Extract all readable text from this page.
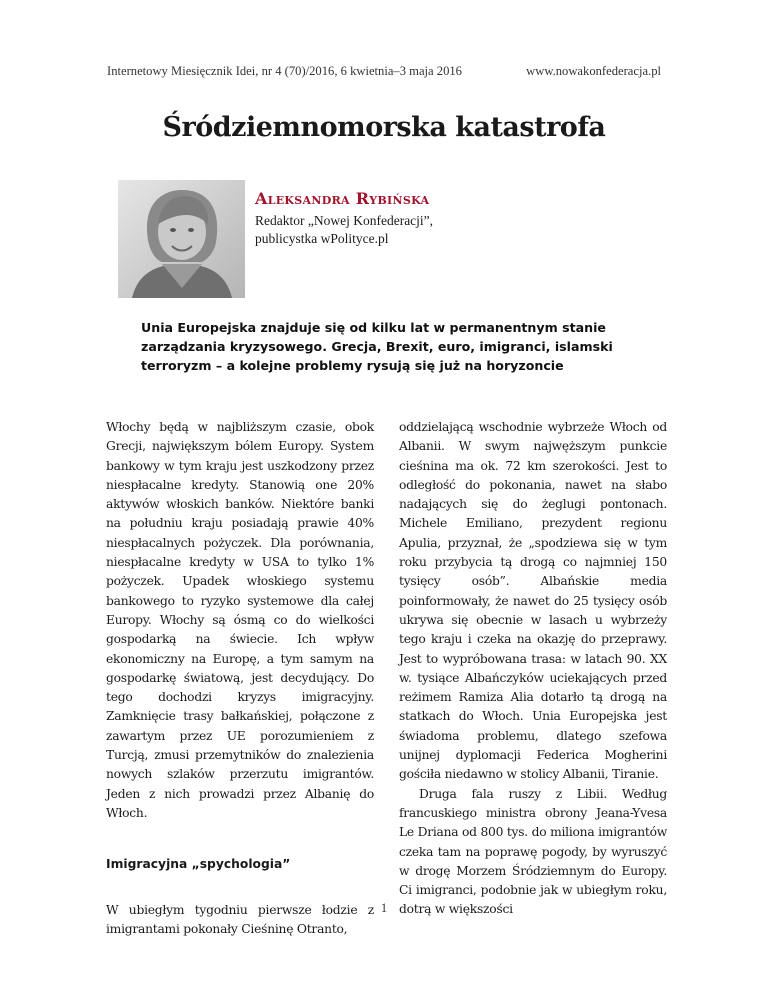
Internetowy Miesięcznik Idei, nr 4 (70)/2016, 6 kwietnia–3 maja 2016	www.nowakonfederacja.pl
Śródziemnomorska katastrofa
Aleksandra Rybińska
Redaktor „Nowej Konfederacji”,
publicystka wPolityce.pl
Unia Europejska znajduje się od kilku lat w permanentnym stanie zarządzania kryzysowego. Grecja, Brexit, euro, imigranci, islamski terroryzm – a kolejne problemy rysują się już na horyzoncie

Włochy będą w najbliższym czasie, obok Grecji, największym bólem Europy. System bankowy w tym kraju jest uszkodzony przez niespłacalne kredyty. Stanowią one 20% aktywów włoskich banków. Niektóre banki na południu kraju posiadają prawie 40% niespłacalnych pożyczek. Dla porównania, niespłacalne kredyty w USA to tylko 1% pożyczek. Upadek włoskiego systemu bankowego to ryzyko systemowe dla całej Europy. Włochy są ósmą co do wielkości gospodarką na świecie. Ich wpływ ekonomiczny na Europę, a tym samym na gospodarkę światową, jest decydujący. Do tego dochodzi kryzys imigracyjny. Zamknięcie trasy bałkańskiej, połączone z zawartym przez UE porozumieniem z Turcją, zmusi przemytników do znalezienia nowych szlaków przerzutu imigrantów. Jeden z nich prowadzi przez Albanię do Włoch.

Imigracyjna „spychologia”

W ubiegłym tygodniu pierwsze łodzie z imigrantami pokonały Cieśninę Otranto,

oddzielającą wschodnie wybrzeże Włoch od Albanii. W swym najwęższym punkcie cieśnina ma ok. 72 km szerokości. Jest to odległość do pokonania, nawet na słabo nadających się do żeglugi pontonach. Michele Emiliano, prezydent regionu Apulia, przyznał, że „spodziewa się w tym roku przybycia tą drogą co najmniej 150 tysięcy osób”. Albańskie media poinformowały, że nawet do 25 tysięcy osób ukrywa się obecnie w lasach u wybrzeży tego kraju i czeka na okazję do przeprawy. Jest to wypróbowana trasa: w latach 90. XX w. tysiące Albańczyków uciekających przed reżimem Ramiza Alia dotarło tą drogą na statkach do Włoch. Unia Europejska jest świadoma problemu, dlatego szefowa unijnej dyplomacji Federica Mogherini gościła niedawno w stolicy Albanii, Tiranie.

Druga fala ruszy z Libii. Według francuskiego ministra obrony Jeana-Yvesa Le Driana od 800 tys. do miliona imigrantów czeka tam na poprawę pogody, by wyruszyć w drogę Morzem Śródziemnym do Europy. Ci imigranci, podobnie jak w ubiegłym roku, dotrą w większości

1
